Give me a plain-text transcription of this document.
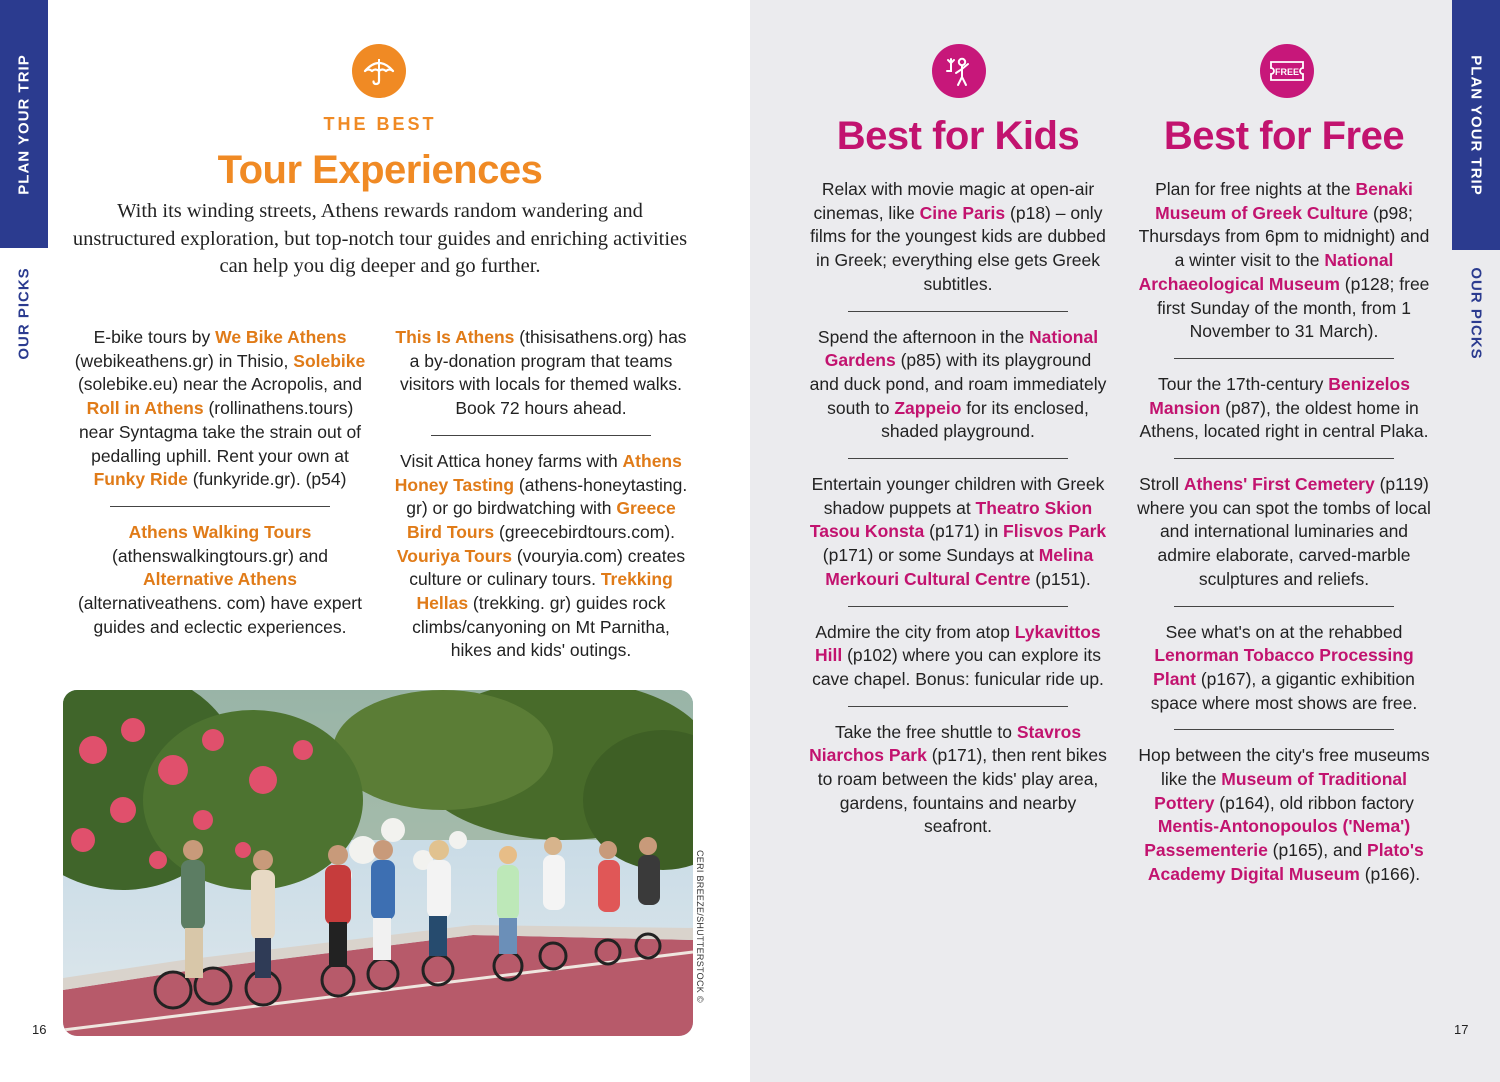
PLAN YOUR TRIP
OUR PICKS
THE BEST
Tour Experiences
With its winding streets, Athens rewards random wandering and unstructured exploration, but top-notch tour guides and enriching activities can help you dig deeper and go further.

E-bike tours by We Bike Athens (webikeathens.gr) in Thisio, Solebike (solebike.eu) near the Acropolis, and Roll in Athens (rollinathens.tours) near Syntagma take the strain out of pedalling uphill. Rent your own at Funky Ride (funkyride.gr). (p54)

Athens Walking Tours (athenswalkingtours.gr) and Alternative Athens (alternativeathens. com) have expert guides and eclectic experiences.

This Is Athens (thisisathens.org) has a by-donation program that teams visitors with locals for themed walks. Book 72 hours ahead.

Visit Attica honey farms with Athens Honey Tasting (athens-honeytasting. gr) or go birdwatching with Greece Bird Tours (greecebirdtours.com). Vouriya Tours (vouryia.com) creates culture or culinary tours. Trekking Hellas (trekking. gr) guides rock climbs/canyoning on Mt Parnitha, hikes and kids' outings.

CERI BREEZE/SHUTTERSTOCK ©
16
PLAN YOUR TRIP
OUR PICKS
FREE
Best for Kids	Best for Free

Relax with movie magic at open-air cinemas, like Cine Paris (p18) – only films for the youngest kids are dubbed in Greek; everything else gets Greek subtitles.

Spend the afternoon in the National Gardens (p85) with its playground and duck pond, and roam immediately south to Zappeio for its enclosed, shaded playground.

Entertain younger children with Greek shadow puppets at Theatro Skion Tasou Konsta (p171) in Flisvos Park (p171) or some Sundays at Melina Merkouri Cultural Centre (p151).

Admire the city from atop Lykavittos Hill (p102) where you can explore its cave chapel. Bonus: funicular ride up.

Take the free shuttle to Stavros Niarchos Park (p171), then rent bikes to roam between the kids' play area, gardens, fountains and nearby seafront.

Plan for free nights at the Benaki Museum of Greek Culture (p98; Thursdays from 6pm to midnight) and a winter visit to the National Archaeological Museum (p128; free first Sunday of the month, from 1 November to 31 March).

Tour the 17th-century Benizelos Mansion (p87), the oldest home in Athens, located right in central Plaka.

Stroll Athens' First Cemetery (p119) where you can spot the tombs of local and international luminaries and admire elaborate, carved-marble sculptures and reliefs.

See what's on at the rehabbed Lenorman Tobacco Processing Plant (p167), a gigantic exhibition space where most shows are free.

Hop between the city's free museums like the Museum of Traditional Pottery (p164), old ribbon factory Mentis-Antonopoulos ('Nema') Passementerie (p165), and Plato's Academy Digital Museum (p166).

17
